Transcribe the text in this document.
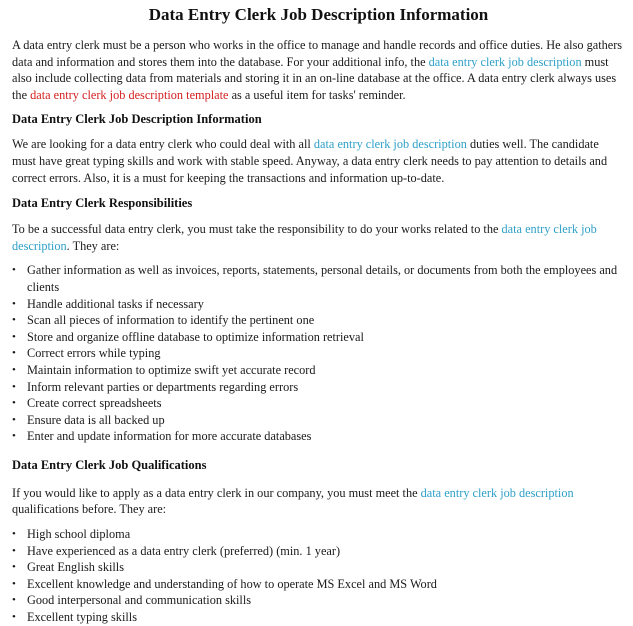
Data Entry Clerk Job Description Information

A data entry clerk must be a person who works in the office to manage and handle records and office duties. He also gathers data and information and stores them into the database. For your additional info, the data entry clerk job description must also include collecting data from materials and storing it in an on-line database at the office. A data entry clerk always uses the data entry clerk job description template as a useful item for tasks' reminder.

Data Entry Clerk Job Description Information

We are looking for a data entry clerk who could deal with all data entry clerk job description duties well. The candidate must have great typing skills and work with stable speed. Anyway, a data entry clerk needs to pay attention to details and correct errors. Also, it is a must for keeping the transactions and information up-to-date.

Data Entry Clerk Responsibilities

To be a successful data entry clerk, you must take the responsibility to do your works related to the data entry clerk job description. They are:

• Gather information as well as invoices, reports, statements, personal details, or documents from both the employees and clients
• Handle additional tasks if necessary
• Scan all pieces of information to identify the pertinent one
• Store and organize offline database to optimize information retrieval
• Correct errors while typing
• Maintain information to optimize swift yet accurate record
• Inform relevant parties or departments regarding errors
• Create correct spreadsheets
• Ensure data is all backed up
• Enter and update information for more accurate databases
Data Entry Clerk Job Qualifications

If you would like to apply as a data entry clerk in our company, you must meet the data entry clerk job description qualifications before. They are:

• High school diploma
• Have experienced as a data entry clerk (preferred) (min. 1 year)
• Great English skills
• Excellent knowledge and understanding of how to operate MS Excel and MS Word
• Good interpersonal and communication skills
• Excellent typing skills
